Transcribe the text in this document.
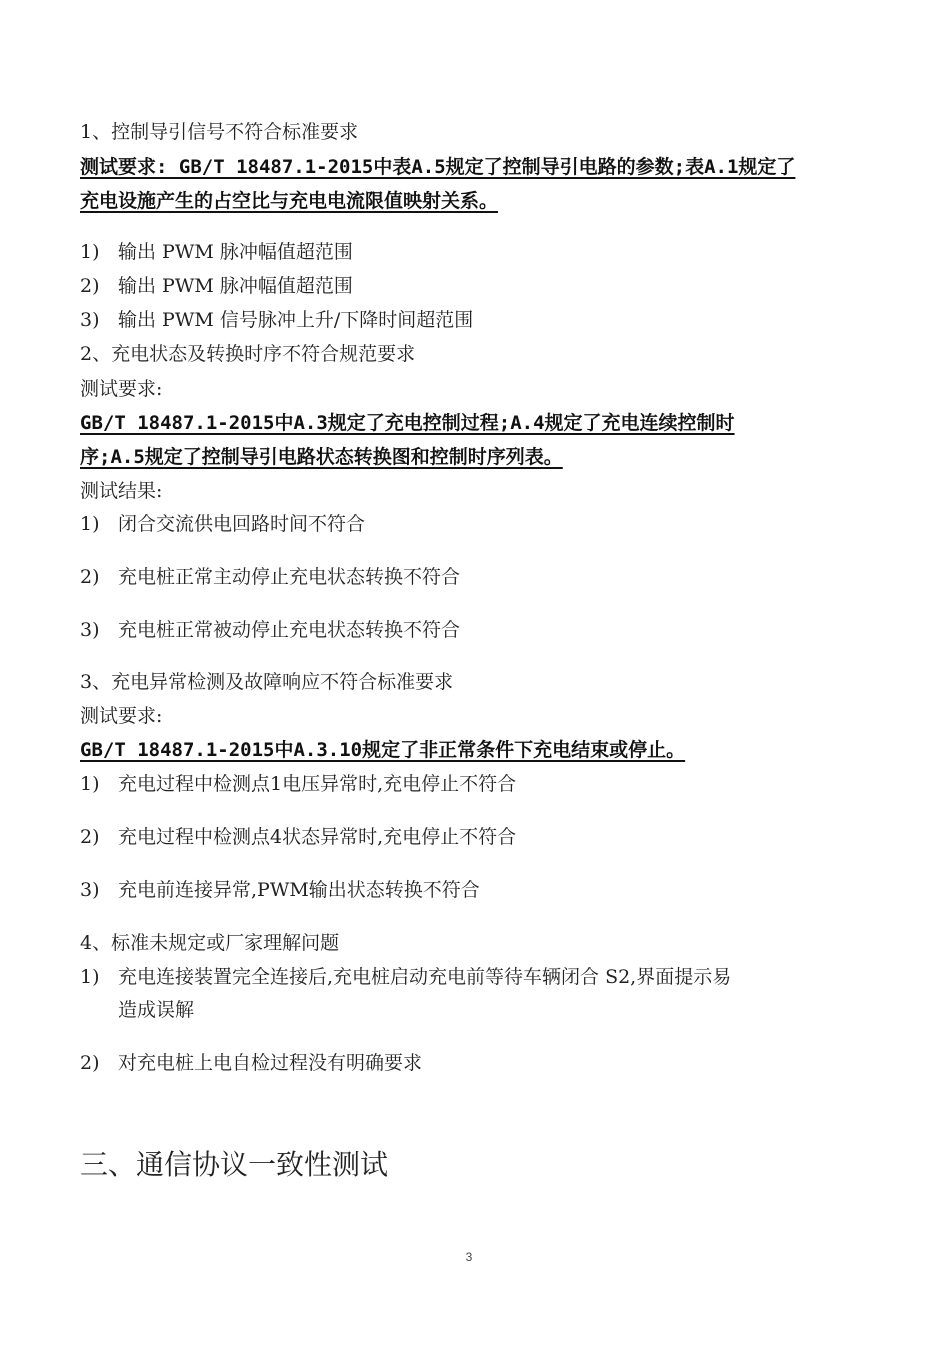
1、控制导引信号不符合标准要求
测试要求: GB/T 18487.1-2015中表A.5规定了控制导引电路的参数;表A.1规定了
充电设施产生的占空比与充电电流限值映射关系。
1) 输出 PWM 脉冲幅值超范围
2) 输出 PWM 脉冲幅值超范围
3) 输出 PWM 信号脉冲上升/下降时间超范围
2、充电状态及转换时序不符合规范要求
测试要求:
GB/T 18487.1-2015中A.3规定了充电控制过程;A.4规定了充电连续控制时
序;A.5规定了控制导引电路状态转换图和控制时序列表。
测试结果:
1) 闭合交流供电回路时间不符合
2) 充电桩正常主动停止充电状态转换不符合
3) 充电桩正常被动停止充电状态转换不符合
3、充电异常检测及故障响应不符合标准要求
测试要求:
GB/T 18487.1-2015中A.3.10规定了非正常条件下充电结束或停止。
1) 充电过程中检测点1电压异常时,充电停止不符合
2) 充电过程中检测点4状态异常时,充电停止不符合
3) 充电前连接异常,PWM输出状态转换不符合
4、标准未规定或厂家理解问题
1) 充电连接装置完全连接后,充电桩启动充电前等待车辆闭合 S2,界面提示易
造成误解
2) 对充电桩上电自检过程没有明确要求
三、通信协议一致性测试
3
